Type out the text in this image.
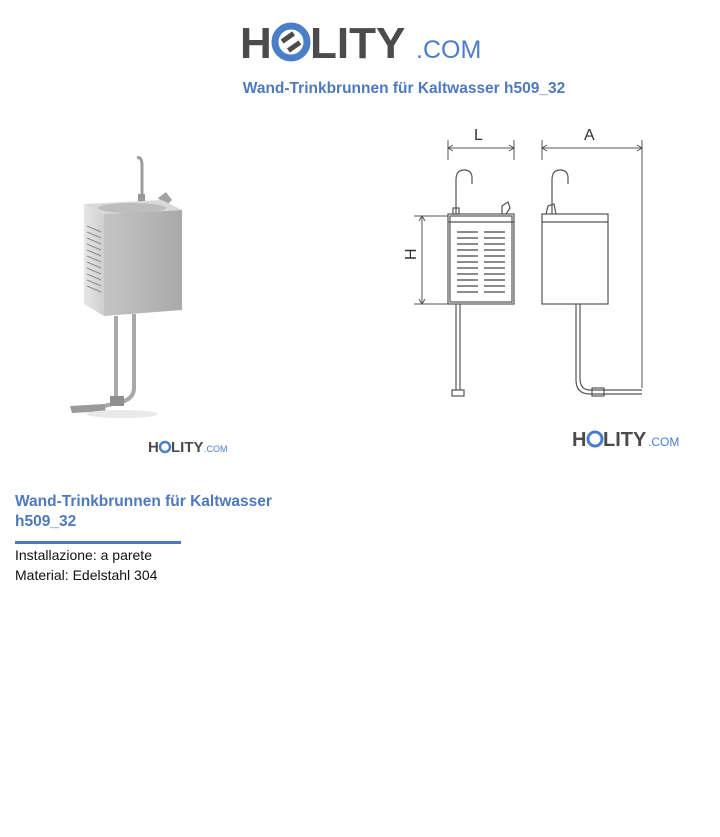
H LITY .COM
Wand-Trinkbrunnen für Kaltwasser h509_32
L	A
H
H LITY .COM	H LITY .COM
Wand-Trinkbrunnen für Kaltwasser h509_32
Installazione: a parete
Material: Edelstahl 304
